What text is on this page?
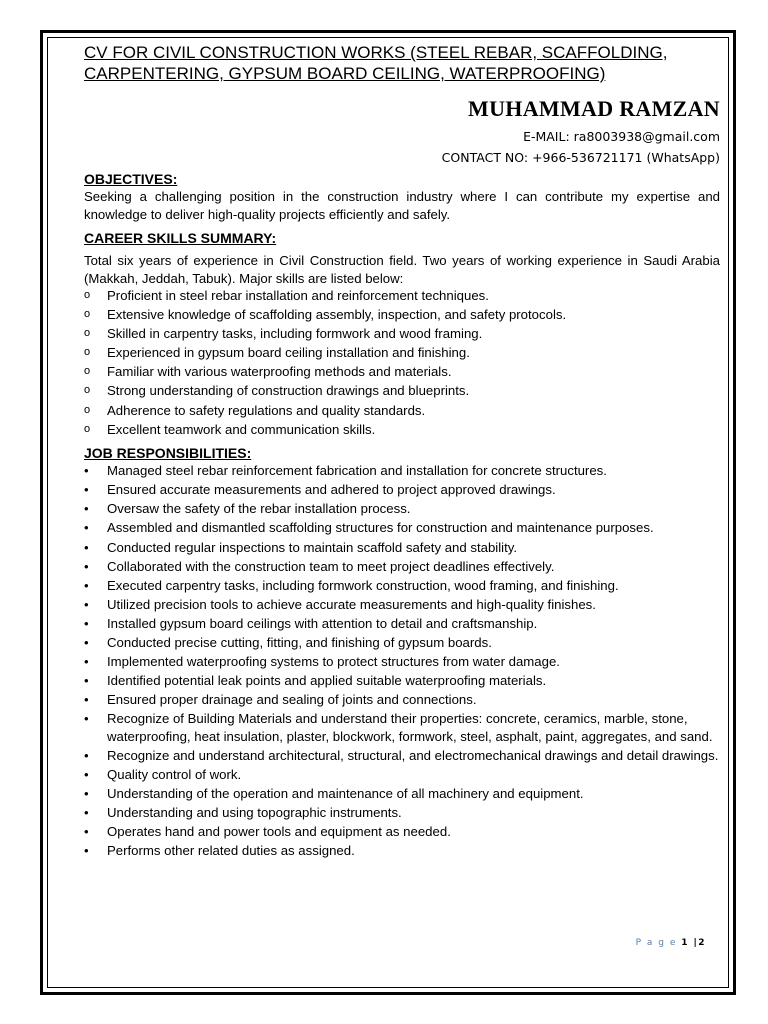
CV FOR CIVIL CONSTRUCTION WORKS (STEEL REBAR, SCAFFOLDING,
CARPENTERING, GYPSUM BOARD CEILING, WATERPROOFING)
MUHAMMAD RAMZAN
E-MAIL: ra8003938@gmail.com
CONTACT NO: +966-536721171 (WhatsApp)
OBJECTIVES:

Seeking a challenging position in the construction industry where I can contribute my expertise and knowledge to deliver high-quality projects efficiently and safely.

CAREER SKILLS SUMMARY:

Total six years of experience in Civil Construction field. Two years of working experience in Saudi Arabia (Makkah, Jeddah, Tabuk). Major skills are listed below:

o Proficient in steel rebar installation and reinforcement techniques.
o Extensive knowledge of scaffolding assembly, inspection, and safety protocols.
o Skilled in carpentry tasks, including formwork and wood framing.
o Experienced in gypsum board ceiling installation and finishing.
o Familiar with various waterproofing methods and materials.
o Strong understanding of construction drawings and blueprints.
o Adherence to safety regulations and quality standards.
o Excellent teamwork and communication skills.
JOB RESPONSIBILITIES:
• Managed steel rebar reinforcement fabrication and installation for concrete structures.
• Ensured accurate measurements and adhered to project approved drawings.
• Oversaw the safety of the rebar installation process.
• Assembled and dismantled scaffolding structures for construction and maintenance purposes.
• Conducted regular inspections to maintain scaffold safety and stability.
• Collaborated with the construction team to meet project deadlines effectively.
• Executed carpentry tasks, including formwork construction, wood framing, and finishing.
• Utilized precision tools to achieve accurate measurements and high-quality finishes.
• Installed gypsum board ceilings with attention to detail and craftsmanship.
• Conducted precise cutting, fitting, and finishing of gypsum boards.
• Implemented waterproofing systems to protect structures from water damage.
• Identified potential leak points and applied suitable waterproofing materials.
• Ensured proper drainage and sealing of joints and connections.
• Recognize of Building Materials and understand their properties: concrete, ceramics, marble, stone, waterproofing, heat insulation, plaster, blockwork, formwork, steel, asphalt, paint, aggregates, and sand.
• Recognize and understand architectural, structural, and electromechanical drawings and detail drawings.
• Quality control of work.
• Understanding of the operation and maintenance of all machinery and equipment.
• Understanding and using topographic instruments.
• Operates hand and power tools and equipment as needed.
• Performs other related duties as assigned.
P a g e 1 |2
